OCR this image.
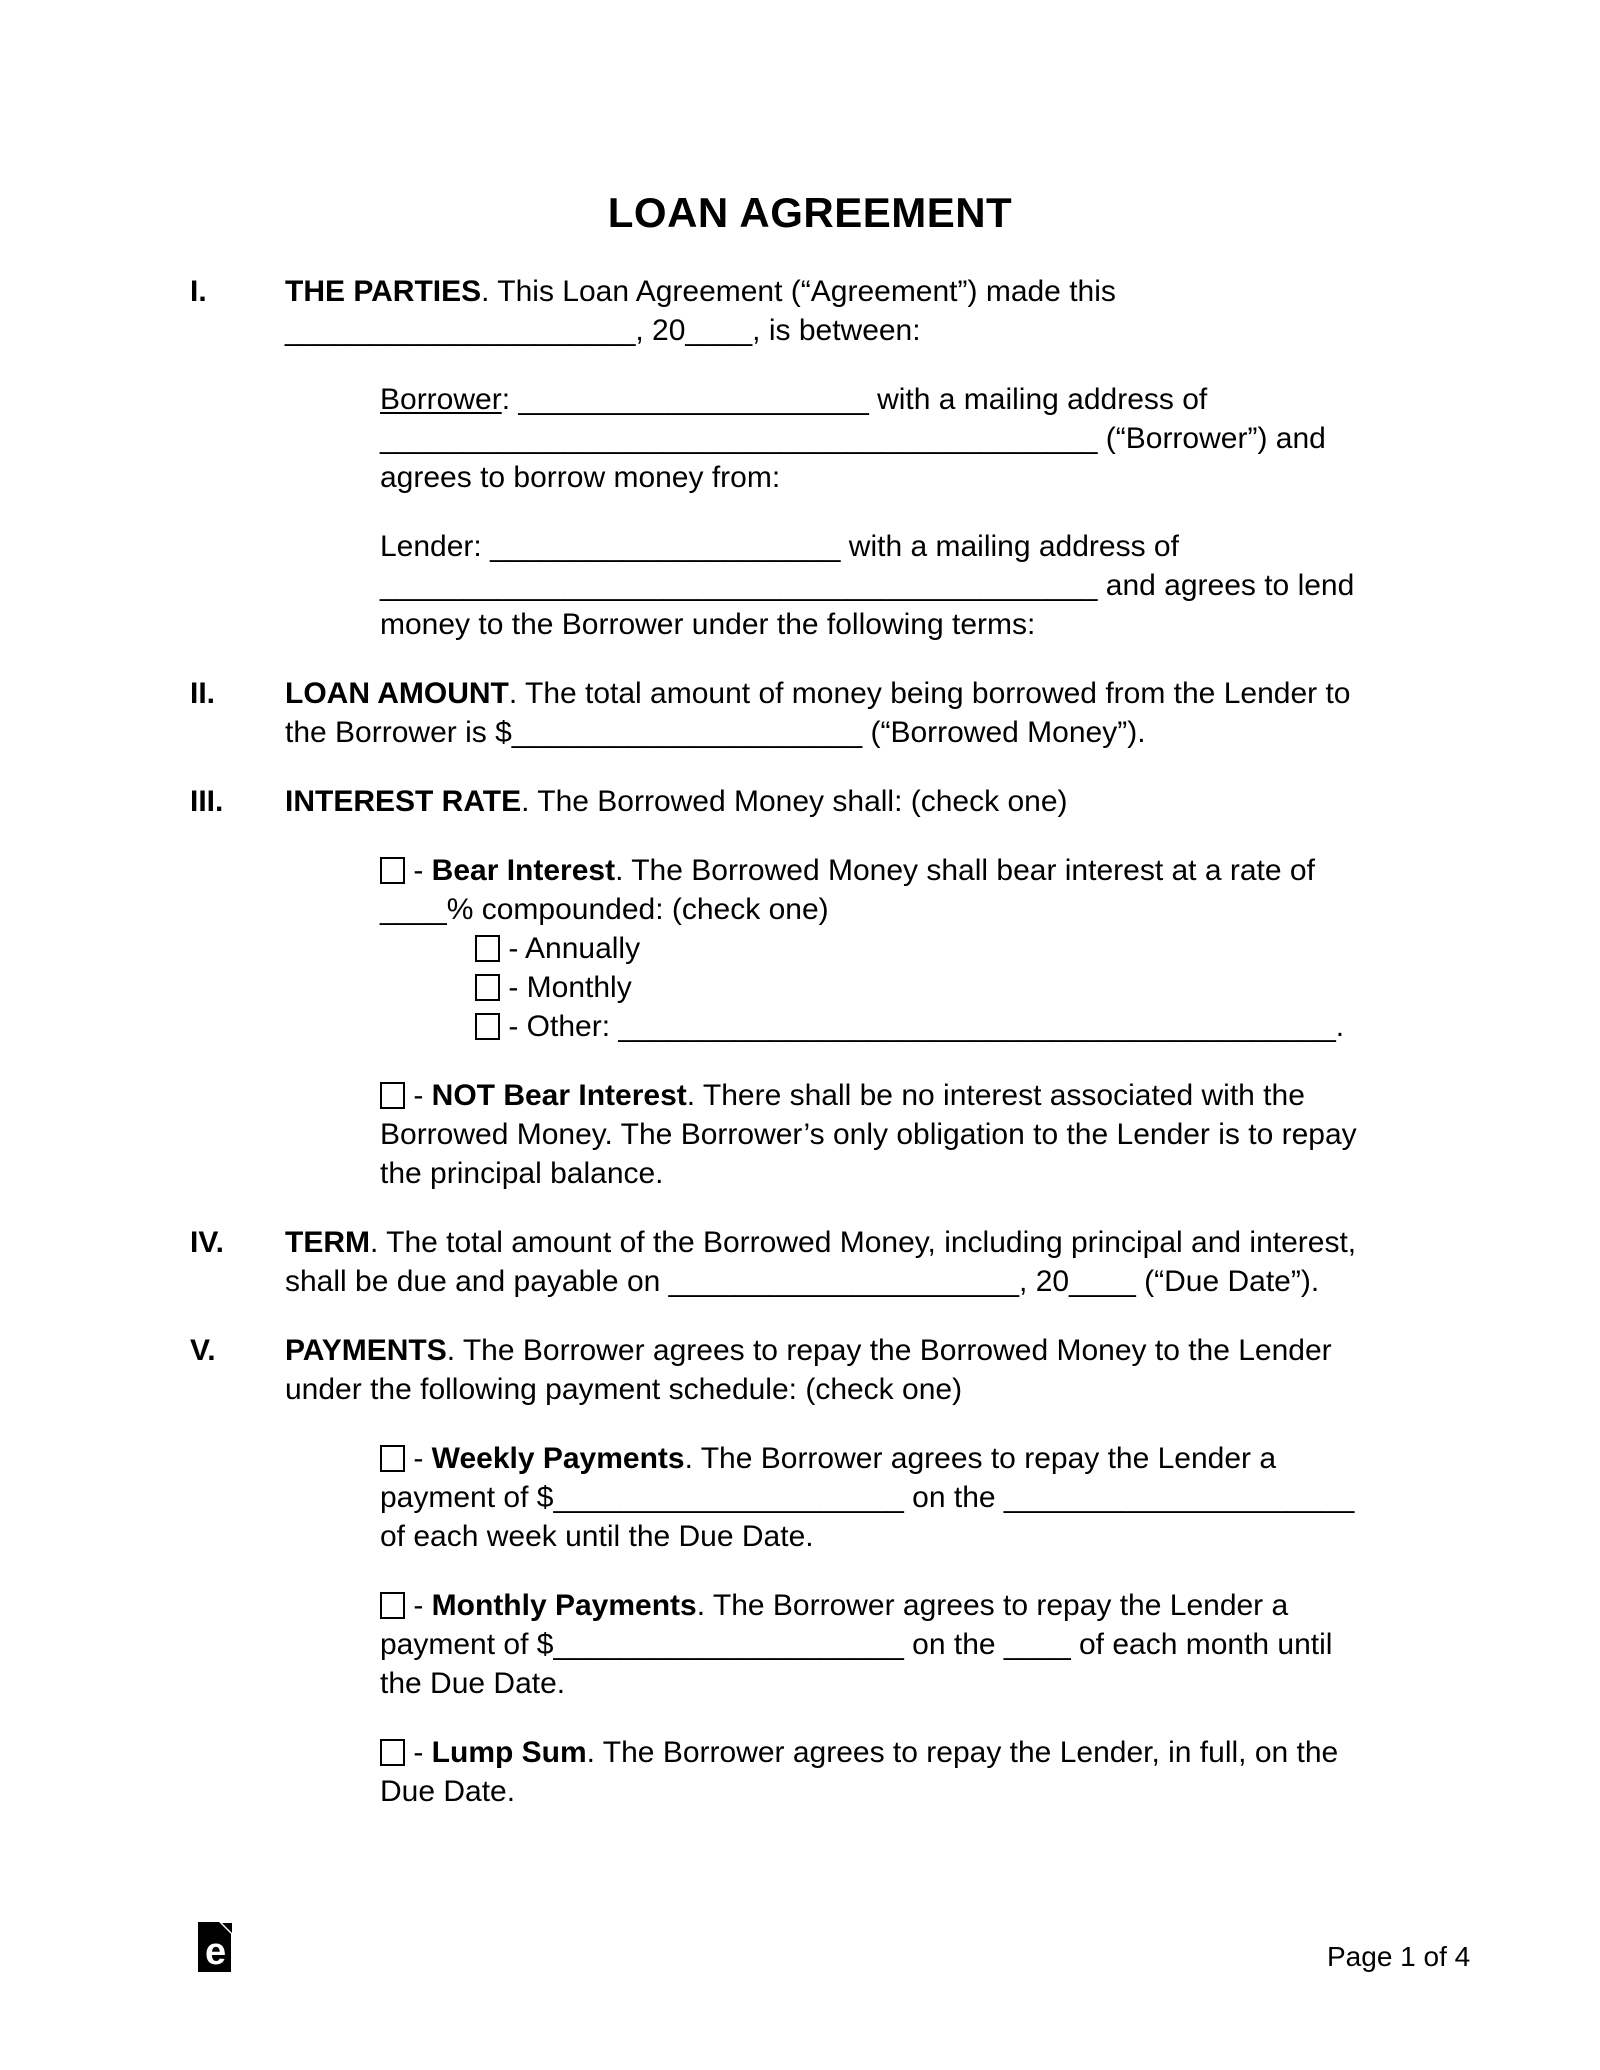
LOAN AGREEMENT
I.	THE PARTIES. This Loan Agreement (“Agreement”) made this
_____________________, 20____, is between:
Borrower: _____________________ with a mailing address of
___________________________________________ (“Borrower”) and
agrees to borrow money from:
Lender: _____________________ with a mailing address of
___________________________________________ and agrees to lend
money to the Borrower under the following terms:
II.	LOAN AMOUNT. The total amount of money being borrowed from the Lender to
the Borrower is $_____________________ (“Borrowed Money”).
III.	INTEREST RATE. The Borrowed Money shall: (check one)
- Bear Interest. The Borrowed Money shall bear interest at a rate of
____% compounded: (check one)
- Annually
- Monthly
- Other: ___________________________________________.
- NOT Bear Interest. There shall be no interest associated with the
Borrowed Money. The Borrower’s only obligation to the Lender is to repay
the principal balance.
IV.	TERM. The total amount of the Borrowed Money, including principal and interest,
shall be due and payable on _____________________, 20____ (“Due Date”).
V.	PAYMENTS. The Borrower agrees to repay the Borrowed Money to the Lender
under the following payment schedule: (check one)
- Weekly Payments. The Borrower agrees to repay the Lender a
payment of $_____________________ on the _____________________
of each week until the Due Date.
- Monthly Payments. The Borrower agrees to repay the Lender a
payment of $_____________________ on the ____ of each month until
the Due Date.
- Lump Sum. The Borrower agrees to repay the Lender, in full, on the
Due Date.
e	Page 1 of 4
